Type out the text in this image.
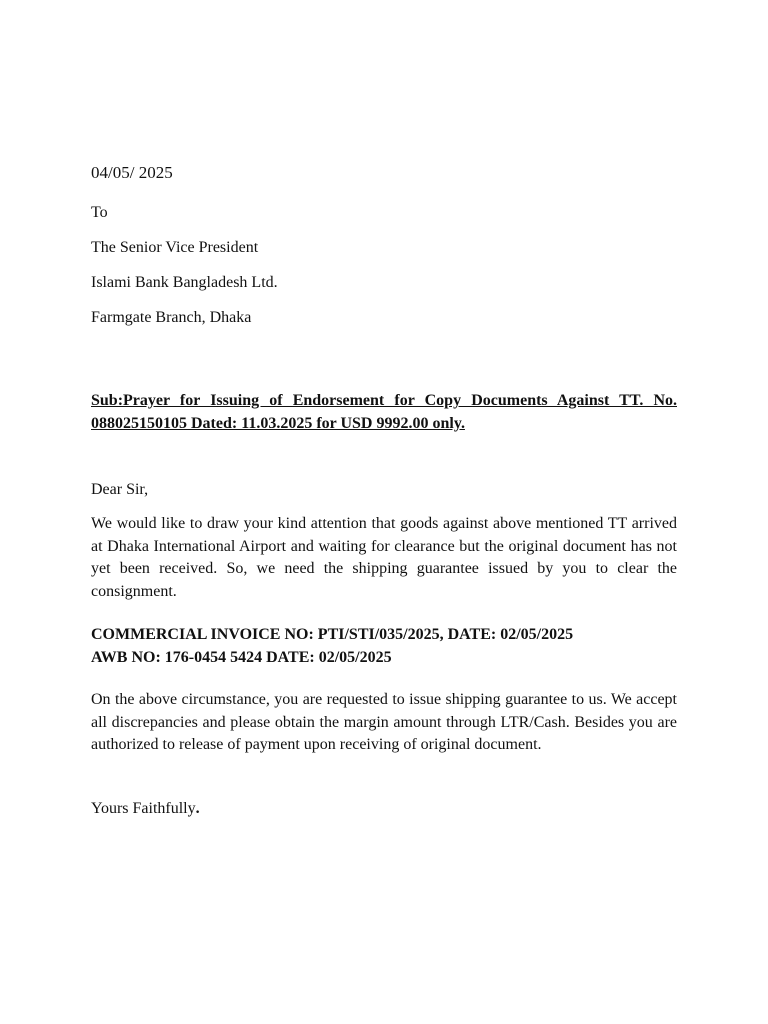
04/05/ 2025
To
The Senior Vice President
Islami Bank Bangladesh Ltd.
Farmgate Branch, Dhaka
Sub:Prayer for Issuing of Endorsement for Copy Documents Against TT. No. 088025150105 Dated: 11.03.2025 for USD 9992.00 only.
Dear Sir,
We would like to draw your kind attention that goods against above mentioned TT arrived at Dhaka International Airport and waiting for clearance but the original document has not yet been received. So, we need the shipping guarantee issued by you to clear the consignment.
COMMERCIAL INVOICE NO: PTI/STI/035/2025, DATE: 02/05/2025
AWB NO: 176-0454 5424 DATE: 02/05/2025
On the above circumstance, you are requested to issue shipping guarantee to us. We accept all discrepancies and please obtain the margin amount through LTR/Cash. Besides you are authorized to release of payment upon receiving of original document.
Yours Faithfully.
